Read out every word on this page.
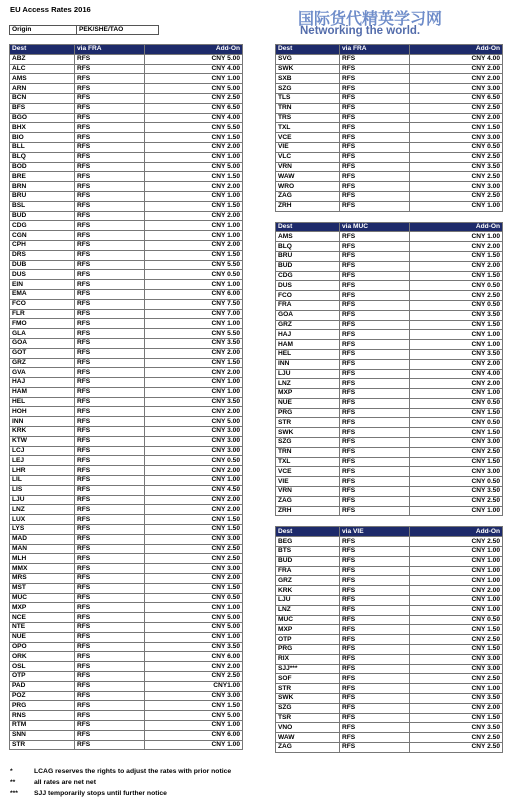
EU Access Rates 2016
国际货代精英学习网
Networking the world.
Origin	PEK/SHE/TAO
Dest	via FRA	Add-On
ABZ	RFS	CNY 5.00
ALC	RFS	CNY 4.00
AMS	RFS	CNY 1.00
ARN	RFS	CNY 5.00
BCN	RFS	CNY 2.50
BFS	RFS	CNY 6.50
BGO	RFS	CNY 4.00
BHX	RFS	CNY 5.50
BIO	RFS	CNY 1.50
BLL	RFS	CNY 2.00
BLQ	RFS	CNY 1.00
BOD	RFS	CNY 5.00
BRE	RFS	CNY 1.50
BRN	RFS	CNY 2.00
BRU	RFS	CNY 1.00
BSL	RFS	CNY 1.50
BUD	RFS	CNY 2.00
CDG	RFS	CNY 1.00
CGN	RFS	CNY 1.00
CPH	RFS	CNY 2.00
DRS	RFS	CNY 1.50
DUB	RFS	CNY 5.50
DUS	RFS	CNY 0.50
EIN	RFS	CNY 1.00
EMA	RFS	CNY 6.00
FCO	RFS	CNY 7.50
FLR	RFS	CNY 7.00
FMO	RFS	CNY 1.00
GLA	RFS	CNY 5.50
GOA	RFS	CNY 3.50
GOT	RFS	CNY 2.00
GRZ	RFS	CNY 1.50
GVA	RFS	CNY 2.00
HAJ	RFS	CNY 1.00
HAM	RFS	CNY 1.00
HEL	RFS	CNY 3.50
HOH	RFS	CNY 2.00
INN	RFS	CNY 5.00
KRK	RFS	CNY 3.00
KTW	RFS	CNY 3.00
LCJ	RFS	CNY 3.00
LEJ	RFS	CNY 0.50
LHR	RFS	CNY 2.00
LIL	RFS	CNY 1.00
LIS	RFS	CNY 4.50
LJU	RFS	CNY 2.00
LNZ	RFS	CNY 2.00
LUX	RFS	CNY 1.50
LYS	RFS	CNY 1.50
MAD	RFS	CNY 3.00
MAN	RFS	CNY 2.50
MLH	RFS	CNY 2.50
MMX	RFS	CNY 3.00
MRS	RFS	CNY 2.00
MST	RFS	CNY 1.50
MUC	RFS	CNY 0.50
MXP	RFS	CNY 1.00
NCE	RFS	CNY 5.00
NTE	RFS	CNY 5.00
NUE	RFS	CNY 1.00
OPO	RFS	CNY 3.50
ORK	RFS	CNY 6.00
OSL	RFS	CNY 2.00
OTP	RFS	CNY 2.50
PAD	RFS	CNY1.00
POZ	RFS	CNY 3.00
PRG	RFS	CNY 1.50
RNS	RFS	CNY 5.00
RTM	RFS	CNY 1.00
SNN	RFS	CNY 6.00
STR	RFS	CNY 1.00
Dest	via FRA	Add-On
SVG	RFS	CNY 4.00
SWK	RFS	CNY 2.00
SXB	RFS	CNY 2.00
SZG	RFS	CNY 3.00
TLS	RFS	CNY 6.50
TRN	RFS	CNY 2.50
TRS	RFS	CNY 2.00
TXL	RFS	CNY 1.50
VCE	RFS	CNY 3.00
VIE	RFS	CNY 0.50
VLC	RFS	CNY 2.50
VRN	RFS	CNY 3.50
WAW	RFS	CNY 2.50
WRO	RFS	CNY 3.00
ZAG	RFS	CNY 2.50
ZRH	RFS	CNY 1.00

Dest	via MUC	Add-On
AMS	RFS	CNY 1.00
BLQ	RFS	CNY 2.00
BRU	RFS	CNY 1.50
BUD	RFS	CNY 2.00
CDG	RFS	CNY 1.50
DUS	RFS	CNY 0.50
FCO	RFS	CNY 2.50
FRA	RFS	CNY 0.50
GOA	RFS	CNY 3.50
GRZ	RFS	CNY 1.50
HAJ	RFS	CNY 1.00
HAM	RFS	CNY 1.00
HEL	RFS	CNY 3.50
INN	RFS	CNY 2.00
LJU	RFS	CNY 4.00
LNZ	RFS	CNY 2.00
MXP	RFS	CNY 1.00
NUE	RFS	CNY 0.50
PRG	RFS	CNY 1.50
STR	RFS	CNY 0.50
SWK	RFS	CNY 1.50
SZG	RFS	CNY 3.00
TRN	RFS	CNY 2.50
TXL	RFS	CNY 1.50
VCE	RFS	CNY 3.00
VIE	RFS	CNY 0.50
VRN	RFS	CNY 3.50
ZAG	RFS	CNY 2.50
ZRH	RFS	CNY 1.00

Dest	via VIE	Add-On
BEG	RFS	CNY 2.50
BTS	RFS	CNY 1.00
BUD	RFS	CNY 1.00
FRA	RFS	CNY 1.00
GRZ	RFS	CNY 1.00
KRK	RFS	CNY 2.00
LJU	RFS	CNY 1.00
LNZ	RFS	CNY 1.00
MUC	RFS	CNY 0.50
MXP	RFS	CNY 1.50
OTP	RFS	CNY 2.50
PRG	RFS	CNY 1.50
RIX	RFS	CNY 3.00
SJJ***	RFS	CNY 3.00
SOF	RFS	CNY 2.50
STR	RFS	CNY 1.00
SWK	RFS	CNY 3.50
SZG	RFS	CNY 2.00
TSR	RFS	CNY 1.50
VNO	RFS	CNY 3.50
WAW	RFS	CNY 2.50
ZAG	RFS	CNY 2.50
*	LCAG reserves the rights to adjust the rates with prior notice
**	all rates are net net
***	SJJ temporarily stops until further notice
